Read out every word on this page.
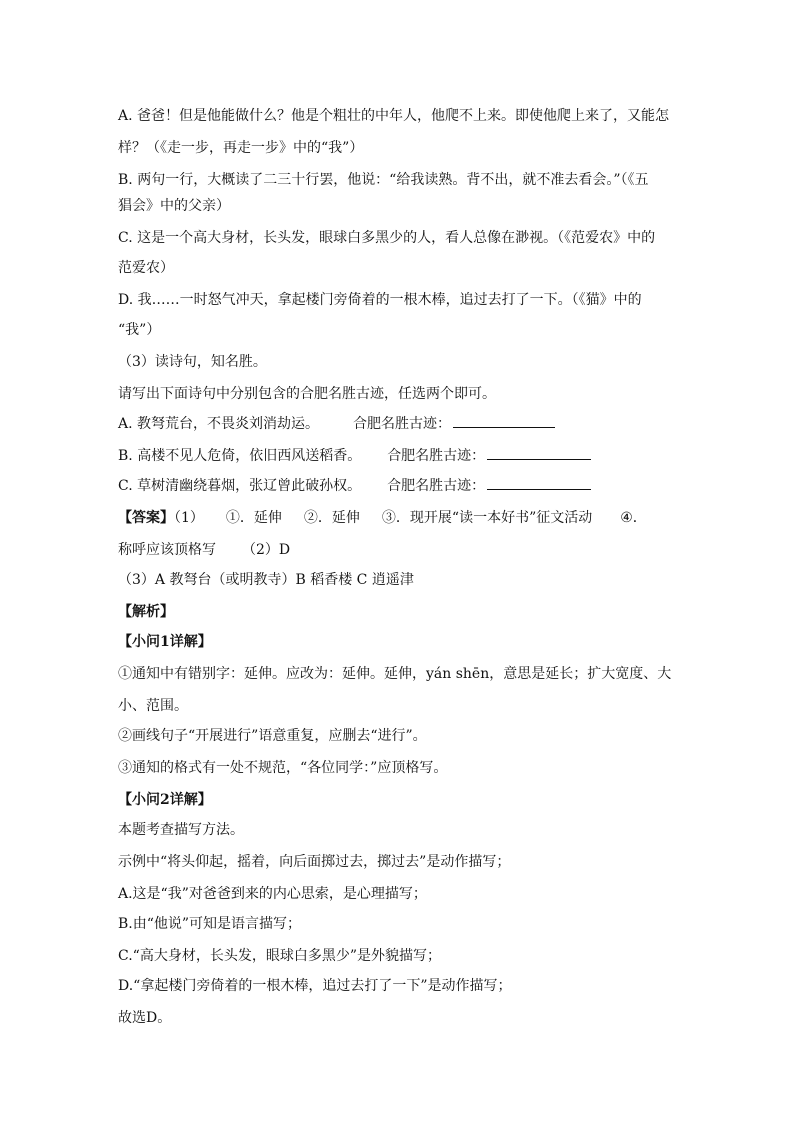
A. 爸爸！但是他能做什么？他是个粗壮的中年人，他爬不上来。即使他爬上来了，又能怎
样？（《走一步，再走一步》中的“我”）
B. 两句一行，大概读了二三十行罢，他说：“给我读熟。背不出，就不准去看会。”（《五
猖会》中的父亲）
C. 这是一个高大身材，长头发，眼球白多黑少的人，看人总像在渺视。（《范爱农》中的
范爱农）
D. 我……一时怒气冲天，拿起楼门旁倚着的一根木棒，追过去打了一下。（《猫》中的
“我”）
（3）读诗句，知名胜。
请写出下面诗句中分别包含的合肥名胜古迹，任选两个即可。
A. 教弩荒台，不畏炎刘消劫运。 合肥名胜古迹：
B. 高楼不见人危倚，依旧西风送稻香。 合肥名胜古迹：
C. 草树清幽绕暮烟，张辽曾此破孙权。 合肥名胜古迹：
【答案】（1） ①．延伸 ②．延伸 ③．现开展“读一本好书”征文活动 ④．
称呼应该顶格写 （2）D
（3）A 教弩台（或明教寺）B 稻香楼 C 逍遥津
【解析】
【小问1详解】
①通知中有错别字：延伸。应改为：延伸。延伸，yán shēn，意思是延长；扩大宽度、大
小、范围。
②画线句子“开展进行”语意重复，应删去“进行”。
③通知的格式有一处不规范，“各位同学：”应顶格写。
【小问2详解】
本题考查描写方法。
示例中“将头仰起，摇着，向后面掷过去，掷过去”是动作描写；
A.这是“我”对爸爸到来的内心思索，是心理描写；
B.由“他说”可知是语言描写；
C.“高大身材，长头发，眼球白多黑少”是外貌描写；
D.“拿起楼门旁倚着的一根木棒，追过去打了一下”是动作描写；
故选D。
